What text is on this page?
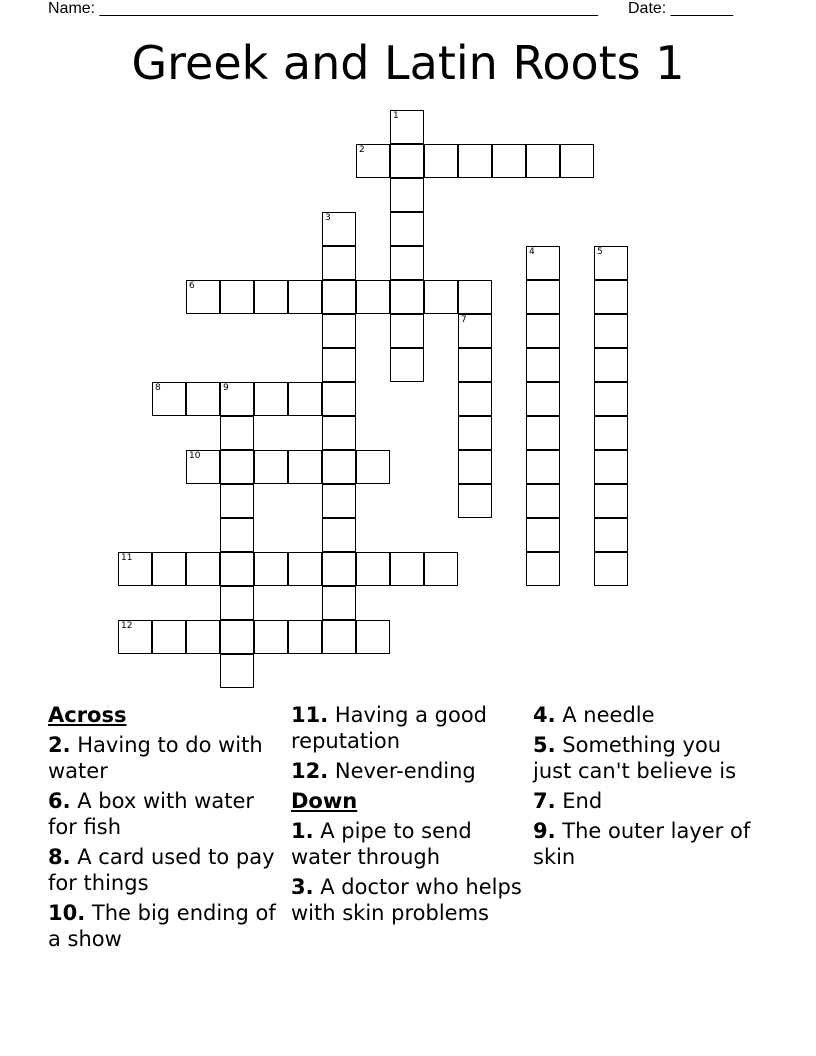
Name: ________________________________________________________ Date: _______
Greek and Latin Roots 1
2
6
8	9
10
11
12
1
3
4	5
7
Across
2. Having to do with water
6. A box with water for fish
8. A card used to pay for things
10. The big ending of a show
11. Having a good reputation
12. Never-ending
Down
1. A pipe to send water through
3. A doctor who helps with skin problems
4. A needle
5. Something you just can't believe is
7. End
9. The outer layer of skin
